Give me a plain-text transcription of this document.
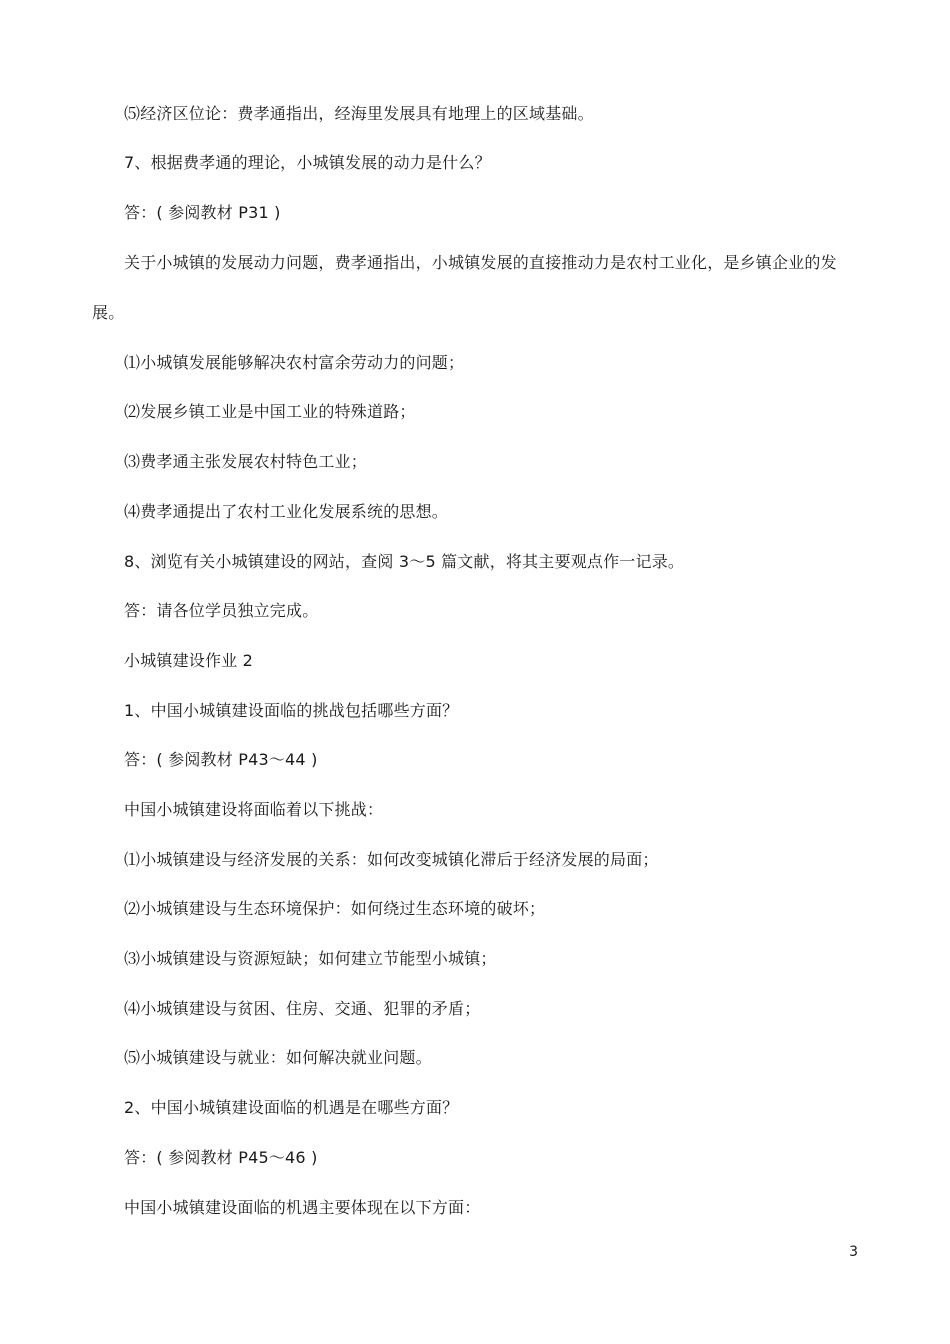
⑸经济区位论：费孝通指出，经海里发展具有地理上的区域基础。
7、根据费孝通的理论，小城镇发展的动力是什么？
答：( 参阅教材 P31 )
关于小城镇的发展动力问题，费孝通指出，小城镇发展的直接推动力是农村工业化，是乡镇企业的发
展。
⑴小城镇发展能够解决农村富余劳动力的问题；
⑵发展乡镇工业是中国工业的特殊道路；
⑶费孝通主张发展农村特色工业；
⑷费孝通提出了农村工业化发展系统的思想。
8、浏览有关小城镇建设的网站，查阅 3～5 篇文献，将其主要观点作一记录。
答：请各位学员独立完成。
小城镇建设作业 2
1、中国小城镇建设面临的挑战包括哪些方面？
答：( 参阅教材 P43～44 )
中国小城镇建设将面临着以下挑战：
⑴小城镇建设与经济发展的关系：如何改变城镇化滞后于经济发展的局面；
⑵小城镇建设与生态环境保护：如何绕过生态环境的破坏；
⑶小城镇建设与资源短缺；如何建立节能型小城镇；
⑷小城镇建设与贫困、住房、交通、犯罪的矛盾；
⑸小城镇建设与就业：如何解决就业问题。
2、中国小城镇建设面临的机遇是在哪些方面？
答：( 参阅教材 P45～46 )
中国小城镇建设面临的机遇主要体现在以下方面：
3
